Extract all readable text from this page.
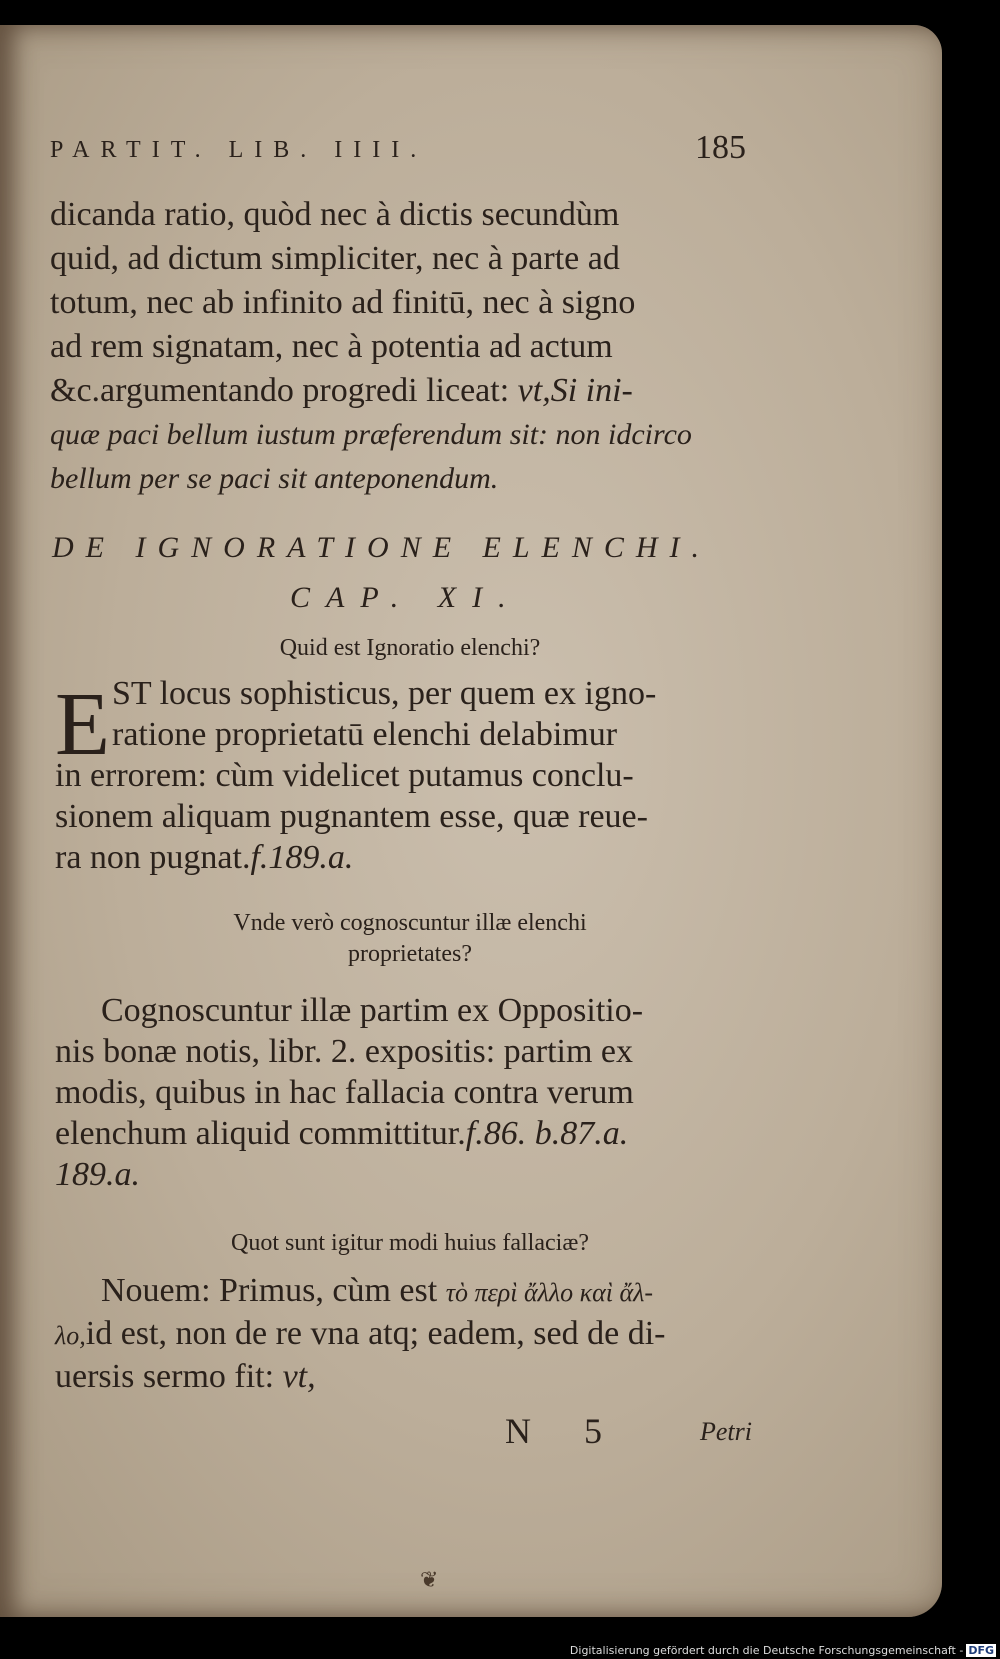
PARTIT. LIB. IIII.	185
dicanda ratio, quòd nec à dictis secundùm
quid, ad dictum simpliciter, nec à parte ad
totum, nec ab infinito ad finitū, nec à signo
ad rem signatam, nec à potentia ad actum
&c.argumentando progredi liceat: vt,Si ini-
quæ paci bellum iustum præferendum sit: non idcirco
bellum per se paci sit anteponendum.
DE IGNORATIONE ELENCHI.
CAP. XI.
Quid est Ignoratio elenchi?
E ST locus sophisticus, per quem ex igno-
ratione proprietatū elenchi delabimur
in errorem: cùm videlicet putamus conclu-
sionem aliquam pugnantem esse, quæ reue-
ra non pugnat.f.189.a.
Vnde verò cognoscuntur illæ elenchi
proprietates?
Cognoscuntur illæ partim ex Oppositio-
nis bonæ notis, libr. 2. expositis: partim ex
modis, quibus in hac fallacia contra verum
elenchum aliquid committitur.f.86. b.87.a.
189.a.
Quot sunt igitur modi huius fallaciæ?
Nouem: Primus, cùm est τὸ περὶ ἄλλο καὶ ἄλ-
λο,id est, non de re vna atq; eadem, sed de di-
uersis sermo fit: vt,
N 5	Petri
❦
Digitalisierung gefördert durch die Deutsche Forschungsgemeinschaft - DFG
